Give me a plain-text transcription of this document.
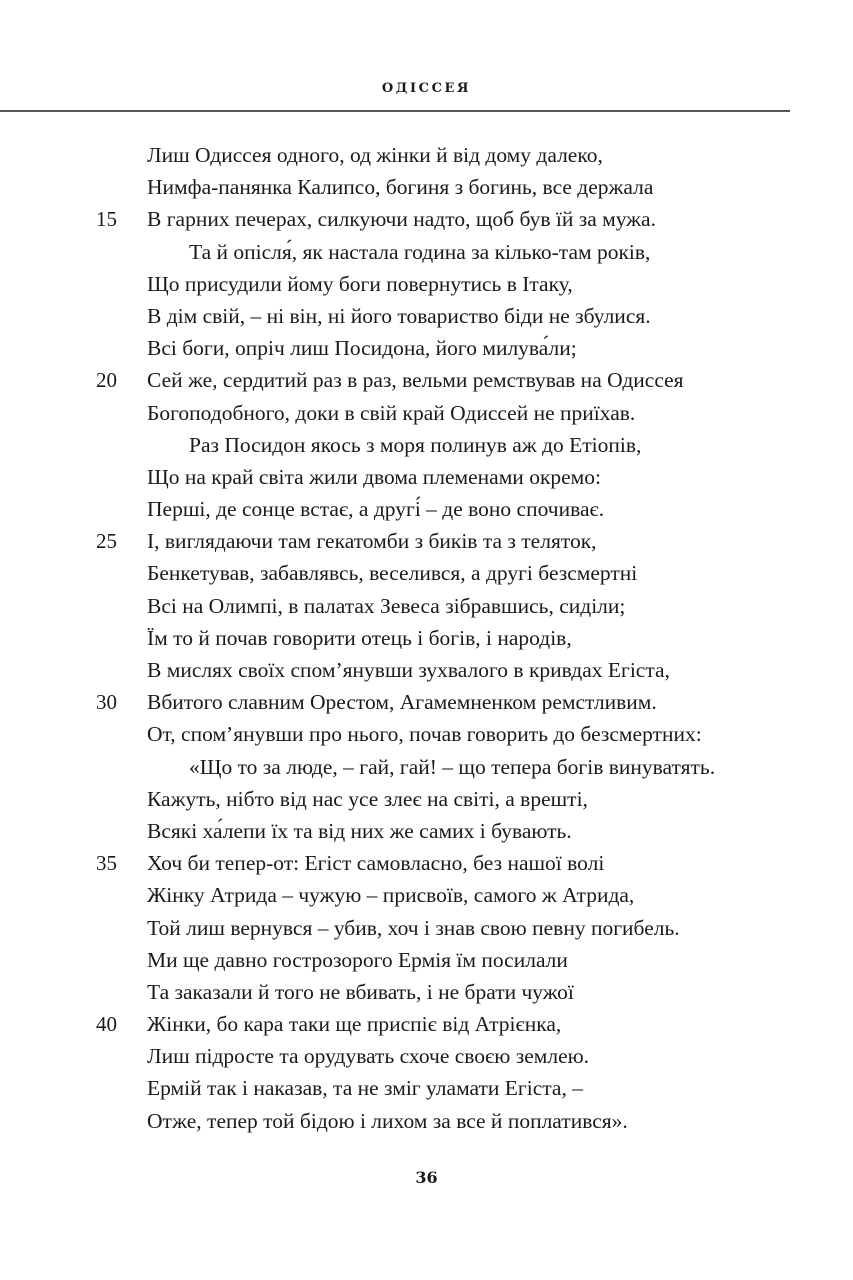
ОДІССЕЯ
Лиш Одиссея одного, од жінки й від дому далеко,
Нимфа-панянка Калипсо, богиня з богинь, все держала
15 В гарних печерах, силкуючи надто, щоб був їй за мужа.
Та й опісля́, як настала година за кілько-там років,
Що присудили йому боги повернутись в Ітаку,
В дім свій, – ні він, ні його товариство біди не збулися.
Всі боги, опріч лиш Посидона, його милува́ли;
20 Сей же, сердитий раз в раз, вельми ремствував на Одиссея
Богоподобного, доки в свій край Одиссей не приїхав.
Раз Посидон якось з моря полинув аж до Етіопів,
Що на край світа жили двома племенами окремо:
Перші, де сонце встає, а другі́ – де воно спочиває.
25 І, виглядаючи там гекатомби з биків та з теляток,
Бенкетував, забавлявсь, веселився, а другі безсмертні
Всі на Олимпі, в палатах Зевеса зібравшись, сиділи;
Їм то й почав говорити отець і богів, і народів,
В мислях своїх спом’янувши зухвалого в кривдах Егіста,
30 Вбитого славним Орестом, Агамемненком ремстливим.
От, спом’янувши про нього, почав говорить до безсмертних:
«Що то за люде, – гай, гай! – що тепера богів винуватять.
Кажуть, нібто від нас усе злеє на світі, а врешті,
Всякі ха́лепи їх та від них же самих і бувають.
35 Хоч би тепер-от: Егіст самовласно, без нашої волі
Жінку Атрида – чужую – присвоїв, самого ж Атрида,
Той лиш вернувся – убив, хоч і знав свою певну погибель.
Ми ще давно гострозорого Ермія їм посилали
Та заказали й того не вбивать, і не брати чужої
40 Жінки, бо кара таки ще приспіє від Атрієнка,
Лиш підросте та орудувать схоче своєю землею.
Ермій так і наказав, та не зміг уламати Егіста, –
Отже, тепер той бідою і лихом за все й поплатився».
36
